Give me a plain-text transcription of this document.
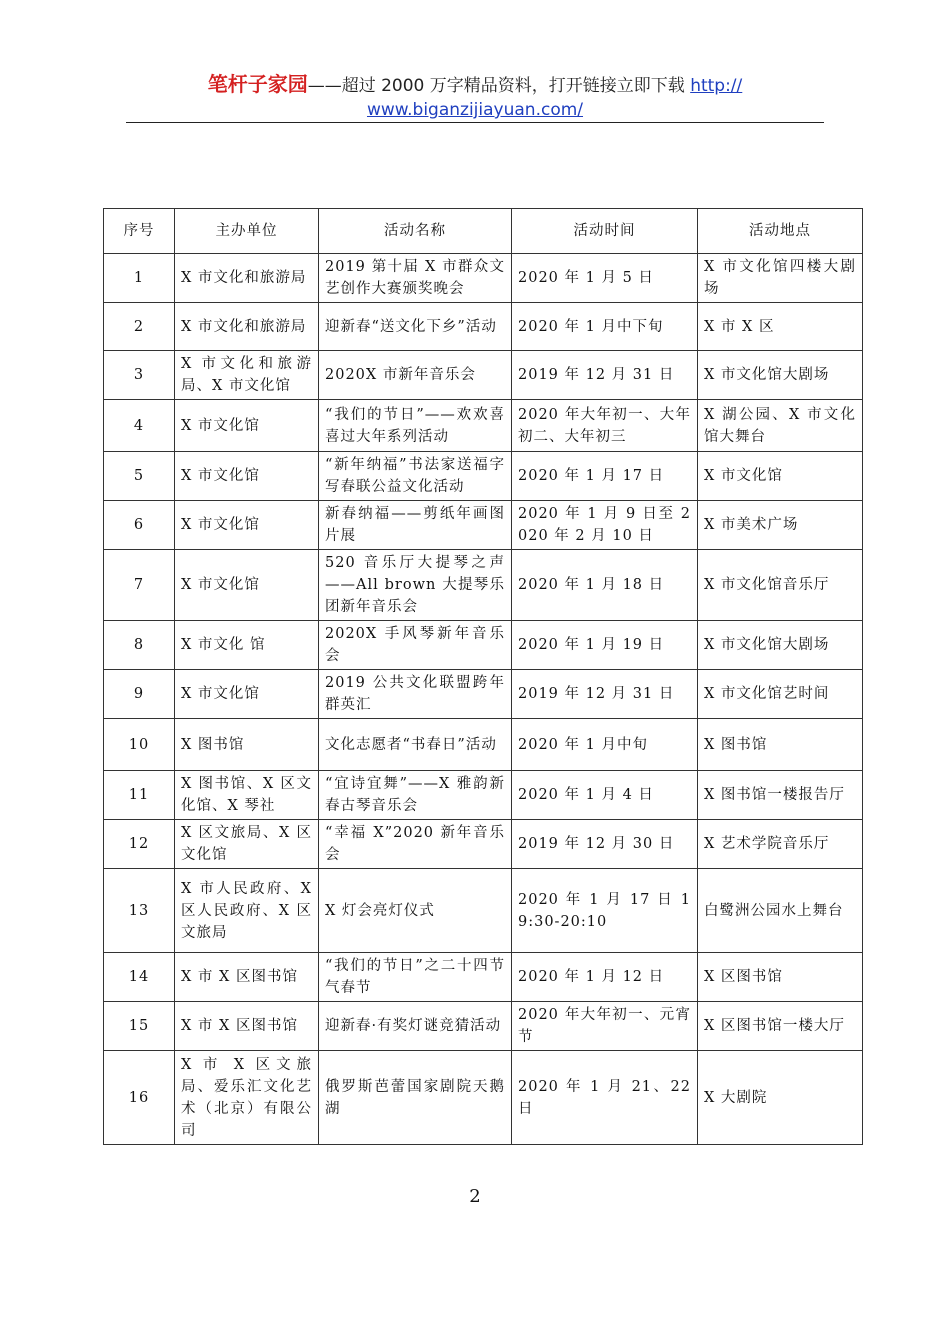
笔杆子家园——超过 2000 万字精品资料，打开链接立即下载 http://
www.biganzijiayuan.com/
序号	主办单位	活动名称	活动时间	活动地点
1	X 市文化和旅游局	2019 第十届 X 市群众文艺创作大赛颁奖晚会	2020 年 1 月 5 日	X 市文化馆四楼大剧场
2	X 市文化和旅游局	迎新春“送文化下乡”活动	2020 年 1 月中下旬	X 市 X 区
3	X 市文化和旅游局、X 市文化馆	2020X 市新年音乐会	2019 年 12 月 31 日	X 市文化馆大剧场
4	X 市文化馆	“我们的节日”——欢欢喜喜过大年系列活动	2020 年大年初一、大年初二、大年初三	X 湖公园、X 市文化馆大舞台
5	X 市文化馆	“新年纳福”书法家送福字写春联公益文化活动	2020 年 1 月 17 日	X 市文化馆
6	X 市文化馆	新春纳福——剪纸年画图片展	2020 年 1 月 9 日至 2020 年 2 月 10 日	X 市美术广场
7	X 市文化馆	520 音乐厅大提琴之声——All brown 大提琴乐团新年音乐会	2020 年 1 月 18 日	X 市文化馆音乐厅
8	X 市文化 馆	2020X 手风琴新年音乐会	2020 年 1 月 19 日	X 市文化馆大剧场
9	X 市文化馆	2019 公共文化联盟跨年群英汇	2019 年 12 月 31 日	X 市文化馆艺时间
10	X 图书馆	文化志愿者“书春日”活动	2020 年 1 月中旬	X 图书馆
11	X 图书馆、X 区文化馆、X 琴社	“宜诗宜舞”——X 雅韵新春古琴音乐会	2020 年 1 月 4 日	X 图书馆一楼报告厅
12	X 区文旅局、X 区文化馆	“幸福 X”2020 新年音乐会	2019 年 12 月 30 日	X 艺术学院音乐厅
13	X 市人民政府、X 区人民政府、X 区文旅局	X 灯会亮灯仪式	2020 年 1 月 17 日 19:30-20:10	白鹭洲公园水上舞台
14	X 市 X 区图书馆	“我们的节日”之二十四节气春节	2020 年 1 月 12 日	X 区图书馆
15	X 市 X 区图书馆	迎新春·有奖灯谜竞猜活动	2020 年大年初一、元宵节	X 区图书馆一楼大厅
16	X 市 X 区文旅局、爱乐汇文化艺术（北京）有限公司	俄罗斯芭蕾国家剧院天鹅湖	2020 年 1 月 21、22 日	X 大剧院
2
